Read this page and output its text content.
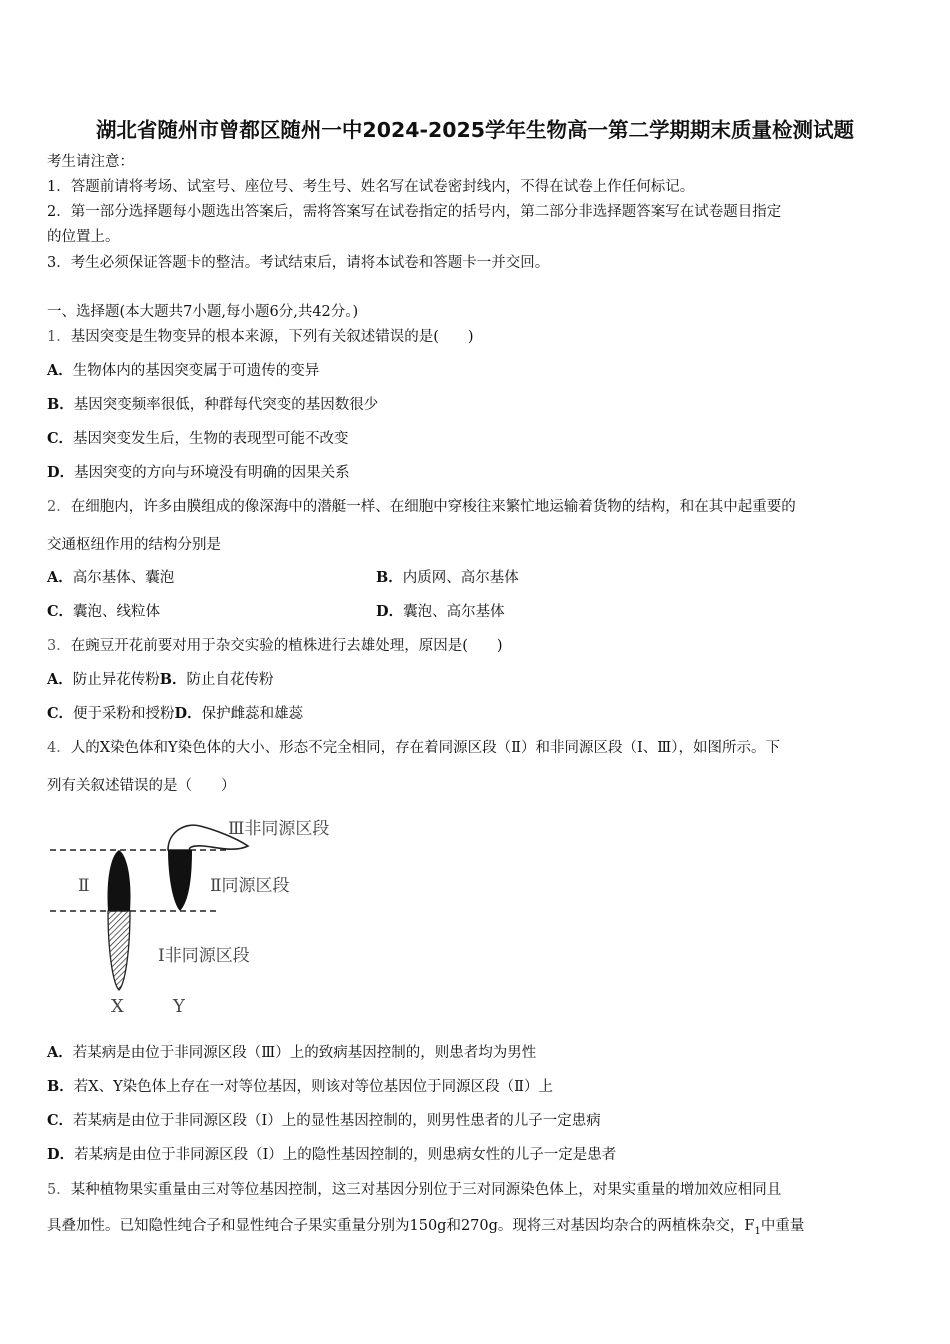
湖北省随州市曾都区随州一中2024-2025学年生物高一第二学期期末质量检测试题
考生请注意：
1．答题前请将考场、试室号、座位号、考生号、姓名写在试卷密封线内，不得在试卷上作任何标记。
2．第一部分选择题每小题选出答案后，需将答案写在试卷指定的括号内，第二部分非选择题答案写在试卷题目指定
的位置上。
3．考生必须保证答题卡的整洁。考试结束后，请将本试卷和答题卡一并交回。
一、选择题(本大题共7小题,每小题6分,共42分。)
1．基因突变是生物变异的根本来源，下列有关叙述错误的是(　　)
A．生物体内的基因突变属于可遗传的变异
B．基因突变频率很低，种群每代突变的基因数很少
C．基因突变发生后，生物的表现型可能不改变
D．基因突变的方向与环境没有明确的因果关系
2．在细胞内，许多由膜组成的像深海中的潜艇一样、在细胞中穿梭往来繁忙地运输着货物的结构，和在其中起重要的
交通枢纽作用的结构分别是
A．高尔基体、囊泡	B．内质网、高尔基体
C．囊泡、线粒体	D．囊泡、高尔基体
3．在豌豆开花前要对用于杂交实验的植株进行去雄处理，原因是(　　)
A．防止异花传粉B．防止自花传粉
C．便于采粉和授粉D．保护雌蕊和雄蕊
4．人的X染色体和Y染色体的大小、形态不完全相同，存在着同源区段（Ⅱ）和非同源区段（Ⅰ、Ⅲ），如图所示。下
列有关叙述错误的是（　　）
Ⅲ非同源区段
Ⅱ	Ⅱ同源区段
Ⅰ非同源区段
X	Y
A．若某病是由位于非同源区段（Ⅲ）上的致病基因控制的，则患者均为男性
B．若X、Y染色体上存在一对等位基因，则该对等位基因位于同源区段（Ⅱ）上
C．若某病是由位于非同源区段（Ⅰ）上的显性基因控制的，则男性患者的儿子一定患病
D．若某病是由位于非同源区段（Ⅰ）上的隐性基因控制的，则患病女性的儿子一定是患者
5．某种植物果实重量由三对等位基因控制，这三对基因分别位于三对同源染色体上，对果实重量的增加效应相同且
具叠加性。已知隐性纯合子和显性纯合子果实重量分别为150g和270g。现将三对基因均杂合的两植株杂交，$F_1$中重量
